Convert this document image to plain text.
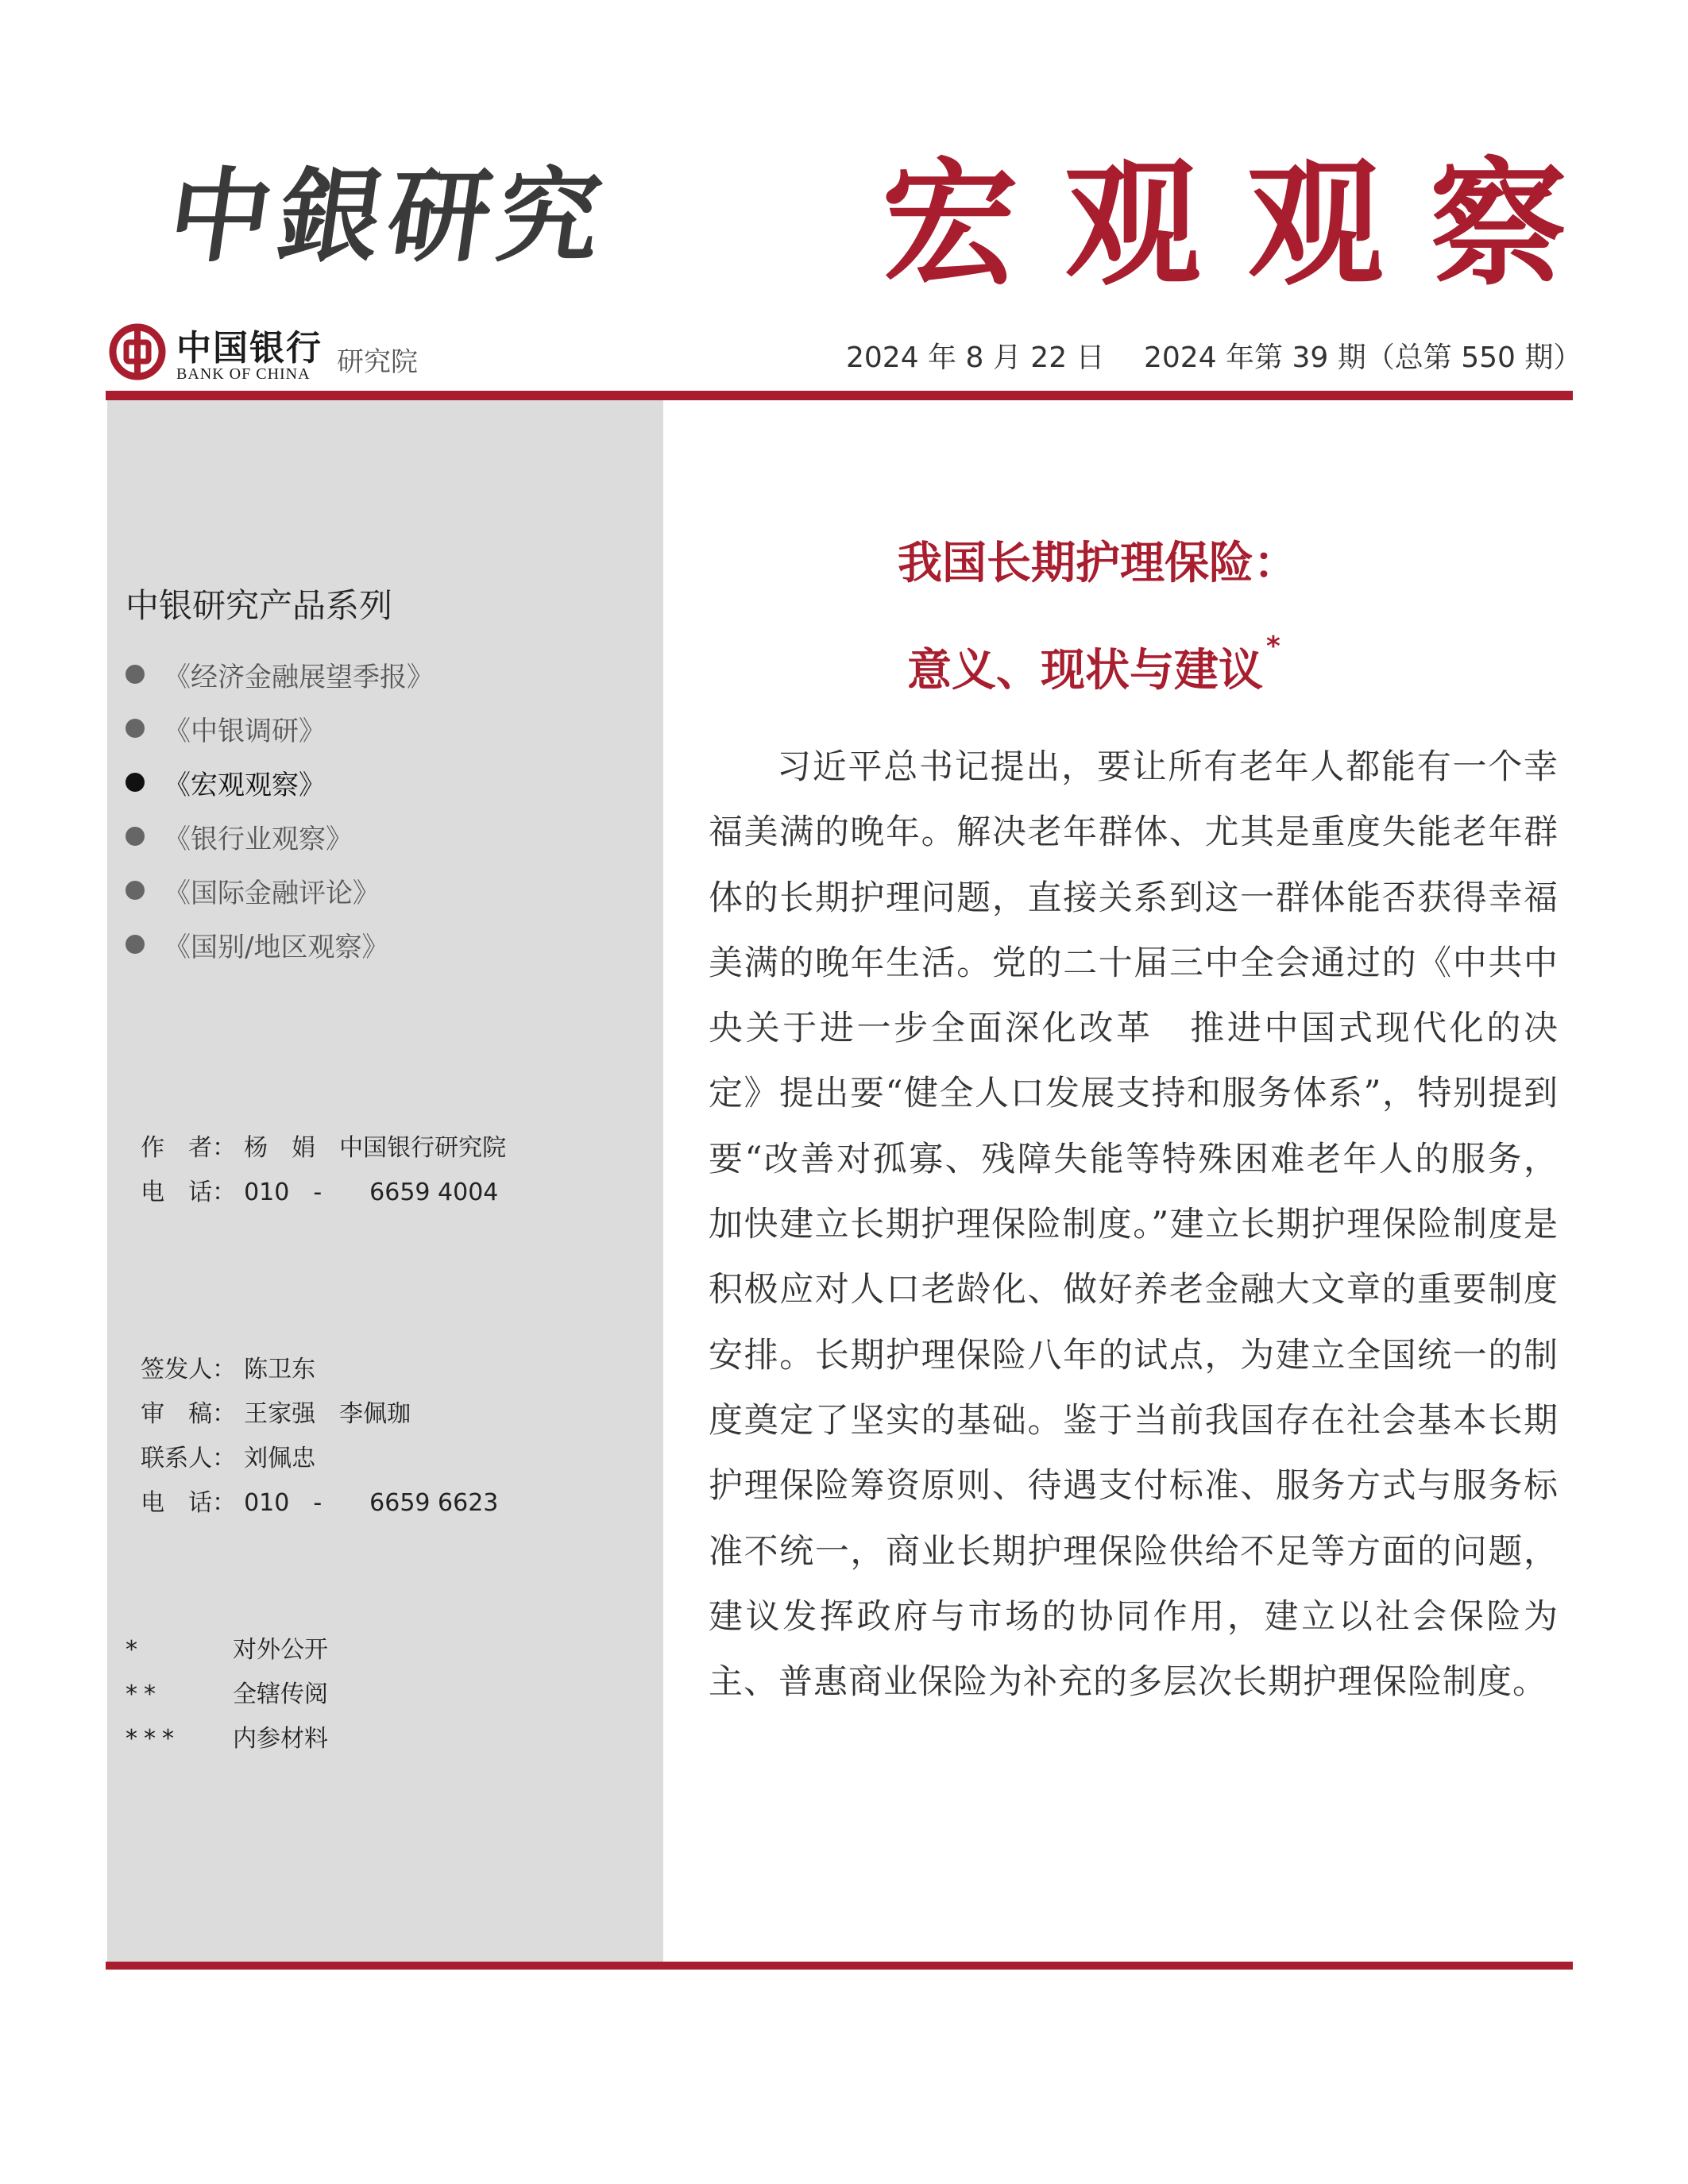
中銀研究 宏观观察
中国银行
BANK OF CHINA 研究院	2024 年 8 月 22 日 2024 年第 39 期（总第 550 期）
中银研究产品系列
《经济金融展望季报》
《中银调研》
《宏观观察》
《银行业观察》
《国际金融评论》
《国别/地区观察》

作　者： 杨　娟　中国银行研究院

电　话： 010　-　　6659 4004

签发人： 陈卫东

审　稿： 王家强　李佩珈

联系人： 刘佩忠

电　话： 010　-　　6659 6623

*	对外公开
**	全辖传阅
*** 内参材料
我国长期护理保险：
意义、现状与建议 *

习近平总书记提出，要让所有老年人都能有一个幸福美满的晚年。解决老年群体、尤其是重度失能老年群体的长期护理问题，直接关系到这一群体能否获得幸福美满的晚年生活。党的二十届三中全会通过的《中共中央关于进一步全面深化改革　推进中国式现代化的决定》提出要“健全人口发展支持和服务体系”，特别提到要“改善对孤寡、残障失能等特殊困难老年人的服务，加快建立长期护理保险制度。”建立长期护理保险制度是积极应对人口老龄化、做好养老金融大文章的重要制度安排。长期护理保险八年的试点，为建立全国统一的制度奠定了坚实的基础。鉴于当前我国存在社会基本长期护理保险筹资原则、待遇支付标准、服务方式与服务标准不统一，商业长期护理保险供给不足等方面的问题，建议发挥政府与市场的协同作用，建立以社会保险为主、普惠商业保险为补充的多层次长期护理保险制度。
